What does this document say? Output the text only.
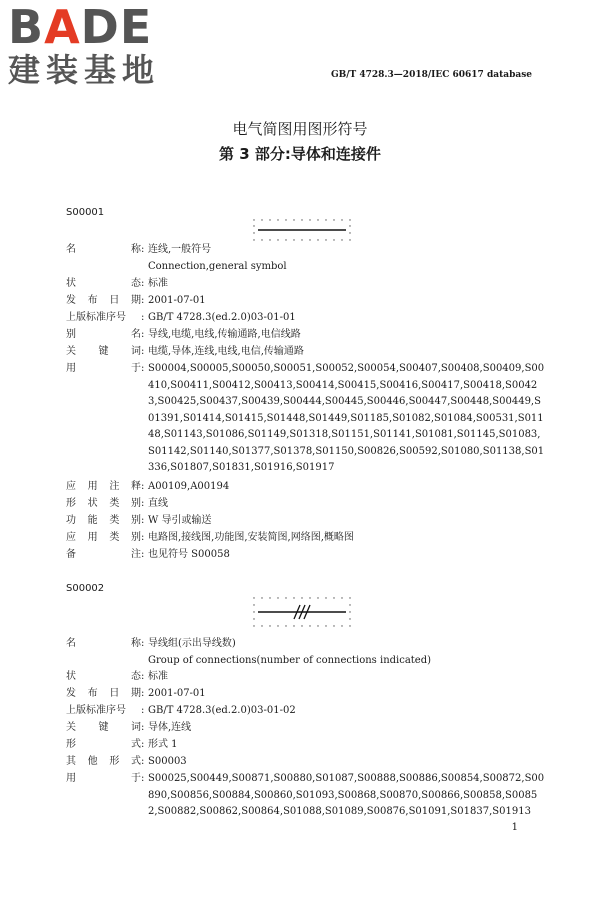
BADE
建装基地	GB/T 4728.3—2018/IEC 60617 database
电气简图用图形符号
第 3 部分:导体和连接件
S00001
名	称 : 连线,一般符号
Connection,general symbol
状	态 : 标准
发 布 日 期 : 2001-07-01
上版标准序号 : GB/T 4728.3(ed.2.0)03-01-01
别	名 : 导线,电缆,电线,传输通路,电信线路
关 键 词 : 电缆,导体,连线,电线,电信,传输通路
用	于 : S00004,S00005,S00050,S00051,S00052,S00054,S00407,S00408,S00409,S00410,S00411,S00412,S00413,S00414,S00415,S00416,S00417,S00418,S00423,S00425,S00437,S00439,S00444,S00445,S00446,S00447,S00448,S00449,S01391,S01414,S01415,S01448,S01449,S01185,S01082,S01084,S00531,S01148,S01143,S01086,S01149,S01318,S01151,S01141,S01081,S01145,S01083,S01142,S01140,S01377,S01378,S01150,S00826,S00592,S01080,S01138,S01336,S01807,S01831,S01916,S01917
应 用 注 释 : A00109,A00194
形 状 类 别 : 直线
功 能 类 别 : W 导引或输送
应 用 类 别 : 电路图,接线图,功能图,安装简图,网络图,概略图
备	注 : 也见符号 S00058
S00002
名	称 : 导线组(示出导线数)
Group of connections(number of connections indicated)
状	态 : 标准
发 布 日 期 : 2001-07-01
上版标准序号 : GB/T 4728.3(ed.2.0)03-01-02
关 键 词 : 导体,连线
形	式 : 形式 1
其 他 形 式 : S00003
用	于 : S00025,S00449,S00871,S00880,S01087,S00888,S00886,S00854,S00872,S00890,S00856,S00884,S00860,S01093,S00868,S00870,S00866,S00858,S00852,S00882,S00862,S00864,S01088,S01089,S00876,S01091,S01837,S01913
1
